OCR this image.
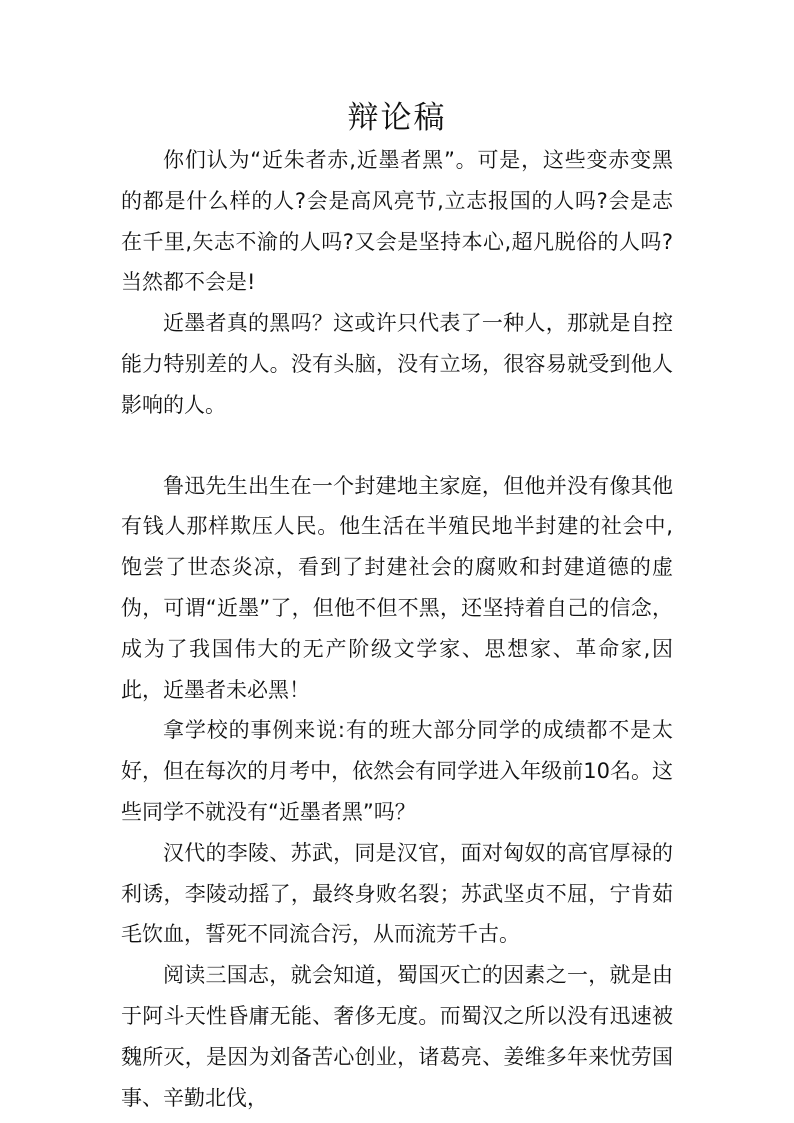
辩论稿

你们认为“近朱者赤,近墨者黑”。可是，这些变赤变黑的都是什么样的人?会是高风亮节,立志报国的人吗?会是志在千里,矢志不渝的人吗?又会是坚持本心,超凡脱俗的人吗?当然都不会是!

近墨者真的黑吗？这或许只代表了一种人，那就是自控能力特别差的人。没有头脑，没有立场，很容易就受到他人影响的人。

鲁迅先生出生在一个封建地主家庭，但他并没有像其他有钱人那样欺压人民。他生活在半殖民地半封建的社会中,饱尝了世态炎凉，看到了封建社会的腐败和封建道德的虚伪，可谓“近墨”了，但他不但不黑，还坚持着自己的信念，成为了我国伟大的无产阶级文学家、思想家、革命家,因此，近墨者未必黑！

拿学校的事例来说:有的班大部分同学的成绩都不是太好，但在每次的月考中，依然会有同学进入年级前10名。这些同学不就没有“近墨者黑”吗？

汉代的李陵、苏武，同是汉官，面对匈奴的高官厚禄的利诱，李陵动摇了，最终身败名裂；苏武坚贞不屈，宁肯茹毛饮血，誓死不同流合污，从而流芳千古。

阅读三国志，就会知道，蜀国灭亡的因素之一，就是由于阿斗天性昏庸无能、奢侈无度。而蜀汉之所以没有迅速被魏所灭，是因为刘备苦心创业，诸葛亮、姜维多年来忧劳国事、辛勤北伐，
